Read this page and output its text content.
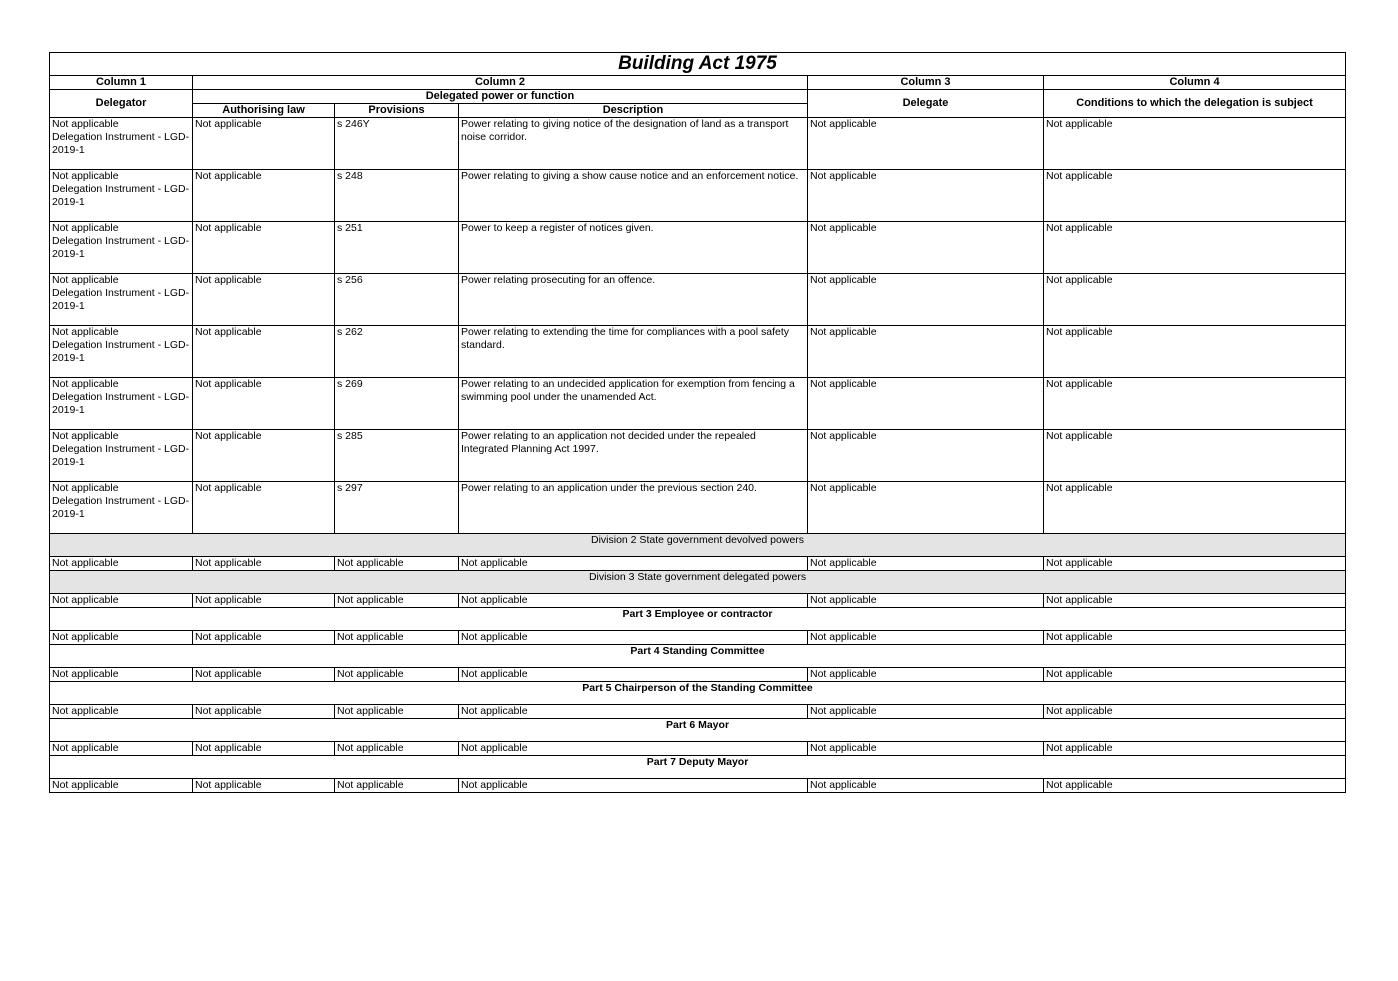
Building Act 1975					
Column 1	Column 2			Column 3	Column 4
Delegator	Delegated power or function			Delegate	Conditions to which the delegation is subject
	Authorising law	Provisions	Description		

Not applicable
Delegation Instrument - LGD-
2019-1	Not applicable	s 246Y	Power relating to giving notice of the designation of land as a transport noise corridor.	Not applicable	Not applicable

Not applicable
Delegation Instrument - LGD-
2019-1	Not applicable	s 248	Power relating to giving a show cause notice and an enforcement notice.	Not applicable	Not applicable

Not applicable
Delegation Instrument - LGD-
2019-1	Not applicable	s 251	Power to keep a register of notices given.	Not applicable	Not applicable

Not applicable
Delegation Instrument - LGD-
2019-1	Not applicable	s 256	Power relating prosecuting for an offence.	Not applicable	Not applicable

Not applicable
Delegation Instrument - LGD-
2019-1	Not applicable	s 262	Power relating to extending the time for compliances with a pool safety standard.	Not applicable	Not applicable

Not applicable
Delegation Instrument - LGD-
2019-1	Not applicable	s 269	Power relating to an undecided application for exemption from fencing a swimming pool under the unamended Act.	Not applicable	Not applicable

Not applicable
Delegation Instrument - LGD-
2019-1	Not applicable	s 285	Power relating to an application not decided under the repealed Integrated Planning Act 1997.	Not applicable	Not applicable

Not applicable
Delegation Instrument - LGD-
2019-1	Not applicable	s 297	Power relating to an application under the previous section 240.	Not applicable	Not applicable

Division 2 State government devolved powers					
Not applicable	Not applicable	Not applicable	Not applicable	Not applicable	Not applicable
Division 3 State government delegated powers					
Not applicable	Not applicable	Not applicable	Not applicable	Not applicable	Not applicable
Part 3 Employee or contractor					
Not applicable	Not applicable	Not applicable	Not applicable	Not applicable	Not applicable
Part 4 Standing Committee					
Not applicable	Not applicable	Not applicable	Not applicable	Not applicable	Not applicable
Part 5 Chairperson of the Standing Committee					
Not applicable	Not applicable	Not applicable	Not applicable	Not applicable	Not applicable
Part 6 Mayor					
Not applicable	Not applicable	Not applicable	Not applicable	Not applicable	Not applicable
Part 7 Deputy Mayor					
Not applicable	Not applicable	Not applicable	Not applicable	Not applicable	Not applicable
